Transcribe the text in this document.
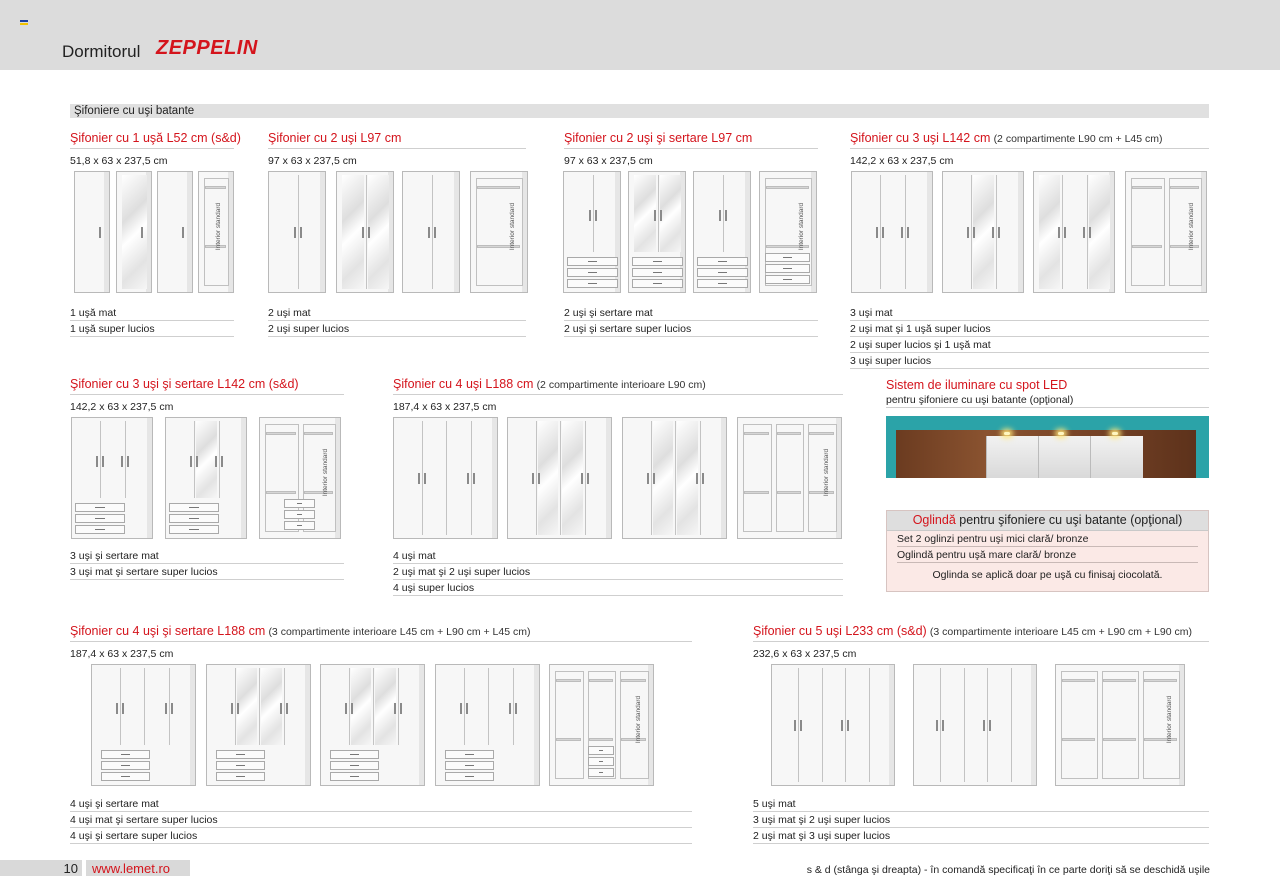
Dormitorul ZEPPELIN
Şifoniere cu uşi batante
Şifonier cu 1 uşă L52 cm (s&d)
51,8 x 63 x 237,5 cm
Şifonier cu 2 uşi L97 cm
97 x 63 x 237,5 cm
Şifonier cu 2 uşi şi sertare L97 cm
97 x 63 x 237,5 cm
Şifonier cu 3 uşi L142 cm (2 compartimente L90 cm + L45 cm)
142,2 x 63 x 237,5 cm
Şifonier cu 3 uşi şi sertare L142 cm (s&d)
142,2 x 63 x 237,5 cm
Şifonier cu 4 uşi L188 cm (2 compartimente interioare L90 cm)
187,4 x 63 x 237,5 cm
Şifonier cu 4 uşi şi sertare L188 cm (3 compartimente interioare L45 cm + L90 cm + L45 cm)
187,4 x 63 x 237,5 cm
Şifonier cu 5 uşi L233 cm (s&d) (3 compartimente interioare L45 cm + L90 cm + L90 cm)
232,6 x 63 x 237,5 cm
1 uşă mat
1 uşă super lucios
2 uşi mat
2 uşi super lucios
2 uşi şi sertare mat
2 uşi şi sertare super lucios
3 uşi mat
2 uşi mat şi 1 uşă super lucios
2 uşi super lucios şi 1 uşă mat
3 uşi super lucios
3 uşi şi sertare mat
3 uşi mat şi sertare super lucios
4 uşi mat
2 uşi mat şi 2 uşi super lucios
4 uşi super lucios
4 uşi şi sertare mat
4 uşi mat şi sertare super lucios
4 uşi şi sertare super lucios
5 uşi mat
3 uşi mat şi 2 uşi super lucios
2 uşi mat şi 3 uşi super lucios
Interior standard	Interior standard	Interior standard	Interior standard
Interior standard	Interior standard
Interior standard	Interior standard
Sistem de iluminare cu spot LED
pentru şifoniere cu uşi batante (opţional)
Oglindă pentru şifoniere cu uşi batante (opţional)
Set 2 oglinzi pentru uşi mici clară/ bronze
Oglindă pentru uşă mare clară/ bronze
Oglinda se aplică doar pe uşă cu finisaj ciocolată.
10	www.lemet.ro	s & d (stânga şi dreapta) - în comandă specificaţi în ce parte doriţi să se deschidă uşile
